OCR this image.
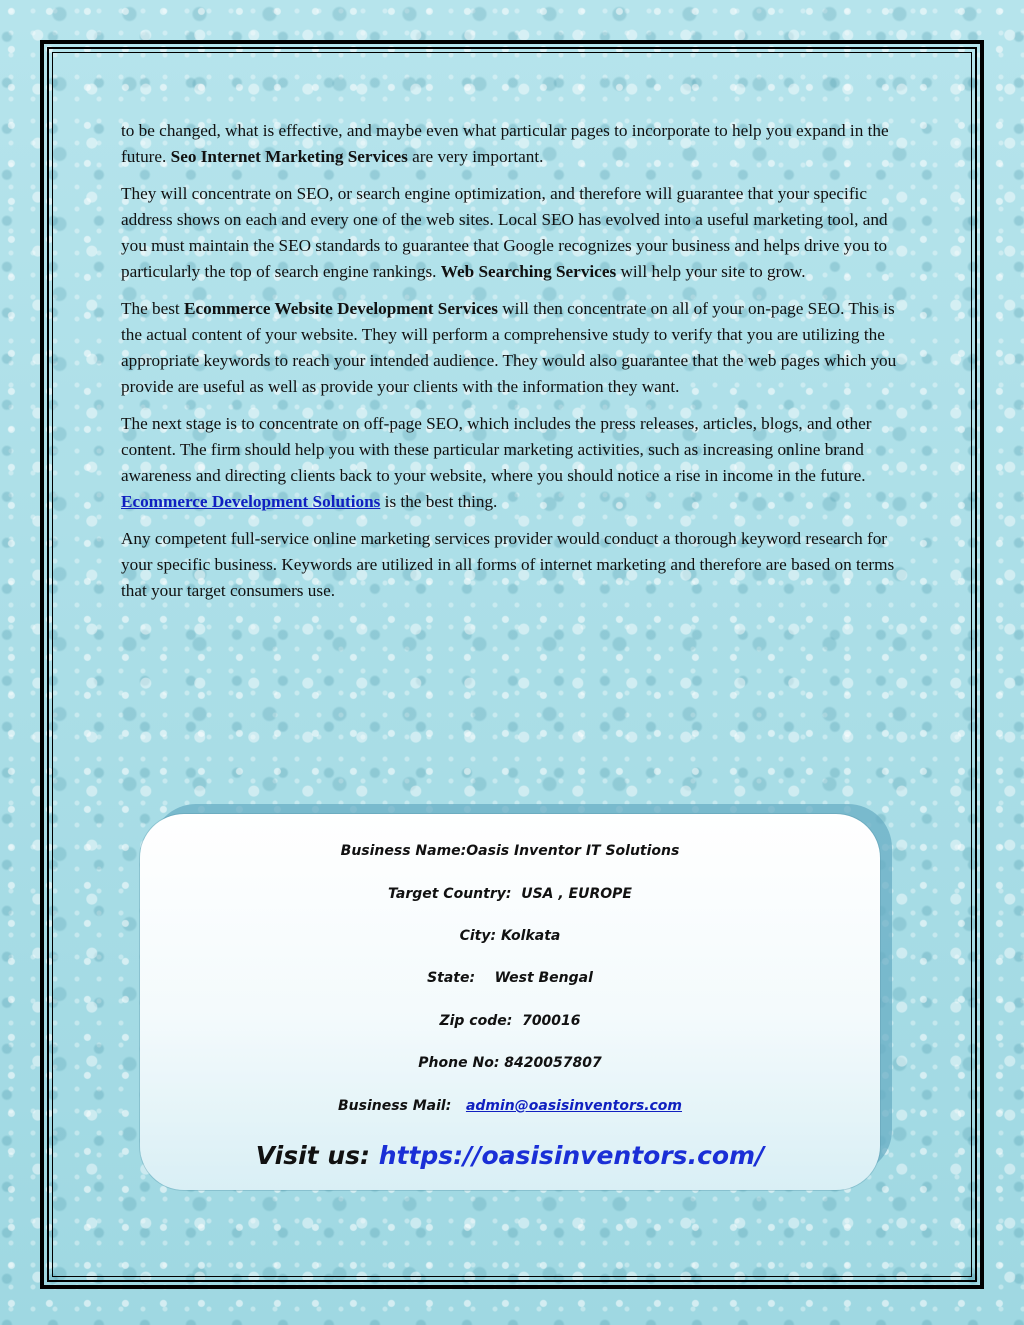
to be changed, what is effective, and maybe even what particular pages to incorporate to help you expand in the future. Seo Internet Marketing Services are very important.

They will concentrate on SEO, or search engine optimization, and therefore will guarantee that your specific address shows on each and every one of the web sites. Local SEO has evolved into a useful marketing tool, and you must maintain the SEO standards to guarantee that Google recognizes your business and helps drive you to particularly the top of search engine rankings. Web Searching Services will help your site to grow.

The best Ecommerce Website Development Services will then concentrate on all of your on-page SEO. This is the actual content of your website. They will perform a comprehensive study to verify that you are utilizing the appropriate keywords to reach your intended audience. They would also guarantee that the web pages which you provide are useful as well as provide your clients with the information they want.

The next stage is to concentrate on off-page SEO, which includes the press releases, articles, blogs, and other content. The firm should help you with these particular marketing activities, such as increasing online brand awareness and directing clients back to your website, where you should notice a rise in income in the future. Ecommerce Development Solutions is the best thing.

Any competent full-service online marketing services provider would conduct a thorough keyword research for your specific business. Keywords are utilized in all forms of internet marketing and therefore are based on terms that your target consumers use.

Business Name:Oasis Inventor IT Solutions
Target Country:  USA , EUROPE
City: Kolkata
State:    West Bengal
Zip code:  700016
Phone No: 8420057807
Business Mail:   admin@oasisinventors.com
Visit us: https://oasisinventors.com/
